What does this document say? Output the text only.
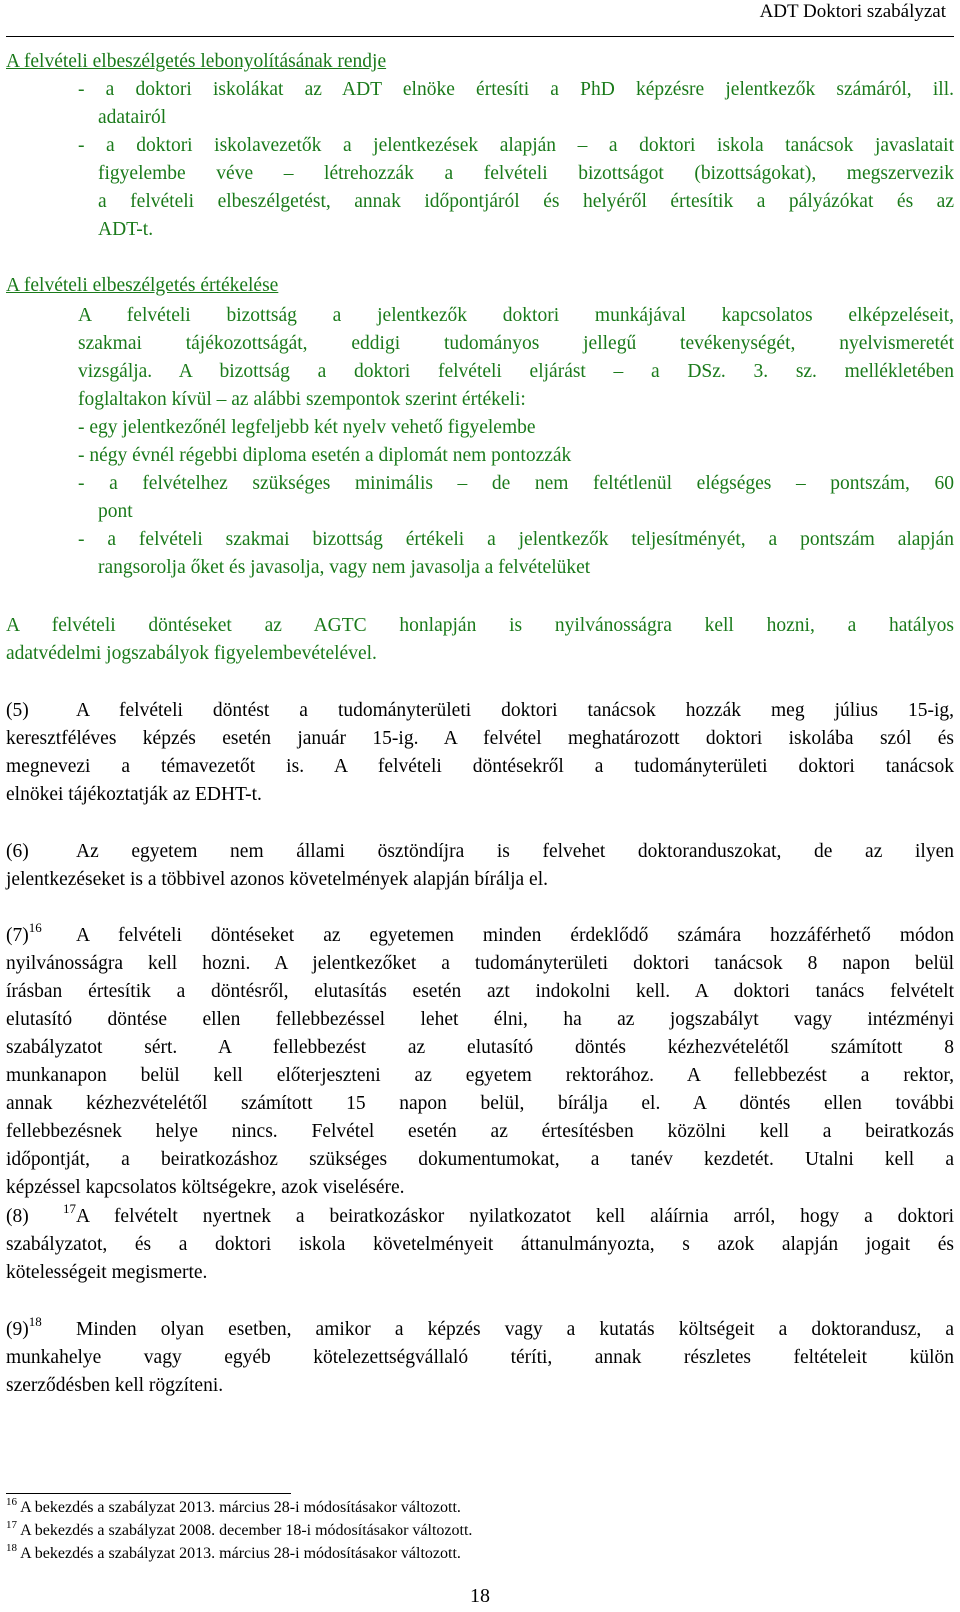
ADT Doktori szabályzat
A felvételi elbeszélgetés lebonyolításának rendje
- a doktori iskolákat az ADT elnöke értesíti a PhD képzésre jelentkezők számáról, ill.
adatairól
- a doktori iskolavezetők a jelentkezések alapján – a doktori iskola tanácsok javaslatait
figyelembe véve – létrehozzák a felvételi bizottságot (bizottságokat), megszervezik
a felvételi elbeszélgetést, annak időpontjáról és helyéről értesítik a pályázókat és az
ADT-t.
A felvételi elbeszélgetés értékelése
A felvételi bizottság a jelentkezők doktori munkájával kapcsolatos elképzeléseit,
szakmai tájékozottságát, eddigi tudományos jellegű tevékenységét, nyelvismeretét
vizsgálja. A bizottság a doktori felvételi eljárást – a DSz. 3. sz. mellékletében
foglaltakon kívül – az alábbi szempontok szerint értékeli:
- egy jelentkezőnél legfeljebb két nyelv vehető figyelembe
- négy évnél régebbi diploma esetén a diplomát nem pontozzák
- a felvételhez szükséges minimális – de nem feltétlenül elégséges – pontszám, 60
pont
- a felvételi szakmai bizottság értékeli a jelentkezők teljesítményét, a pontszám alapján
rangsorolja őket és javasolja, vagy nem javasolja a felvételüket
A felvételi döntéseket az AGTC honlapján is nyilvánosságra kell hozni, a hatályos
adatvédelmi jogszabályok figyelembevételével.
(5) A felvételi döntést a tudományterületi doktori tanácsok hozzák meg július 15-ig,
keresztféléves képzés esetén január 15-ig. A felvétel meghatározott doktori iskolába szól és
megnevezi a témavezetőt is. A felvételi döntésekről a tudományterületi doktori tanácsok
elnökei tájékoztatják az EDHT-t.
(6) Az egyetem nem állami ösztöndíjra is felvehet doktoranduszokat, de az ilyen
jelentkezéseket is a többivel azonos követelmények alapján bírálja el.
$(7)^{16}$ A felvételi döntéseket az egyetemen minden érdeklődő számára hozzáférhető módon
nyilvánosságra kell hozni. A jelentkezőket a tudományterületi doktori tanácsok 8 napon belül
írásban értesítik a döntésről, elutasítás esetén azt indokolni kell. A doktori tanács felvételt
elutasító döntése ellen fellebbezéssel lehet élni, ha az jogszabályt vagy intézményi
szabályzatot sért. A fellebbezést az elutasító döntés kézhezvételétől számított 8
munkanapon belül kell előterjeszteni az egyetem rektorához. A fellebbezést a rektor,
annak kézhezvételétől számított 15 napon belül, bírálja el. A döntés ellen további
fellebbezésnek helye nincs. Felvétel esetén az értesítésben közölni kell a beiratkozás
időpontját, a beiratkozáshoz szükséges dokumentumokat, a tanév kezdetét. Utalni kell a
képzéssel kapcsolatos költségekre, azok viselésére.
(8)	$^{17}$A felvételt nyertnek a beiratkozáskor nyilatkozatot kell aláírnia arról, hogy a doktori
szabályzatot, és a doktori iskola követelményeit áttanulmányozta, s azok alapján jogait és
kötelességeit megismerte.
$(9)^{18}$ Minden olyan esetben, amikor a képzés vagy a kutatás költségeit a doktorandusz, a
munkahelye vagy egyéb kötelezettségvállaló téríti, annak részletes feltételeit külön
szerződésben kell rögzíteni.
$^{16}$ A bekezdés a szabályzat 2013. március 28-i módosításakor változott.
$^{17}$ A bekezdés a szabályzat 2008. december 18-i módosításakor változott.
$^{18}$ A bekezdés a szabályzat 2013. március 28-i módosításakor változott.
18
